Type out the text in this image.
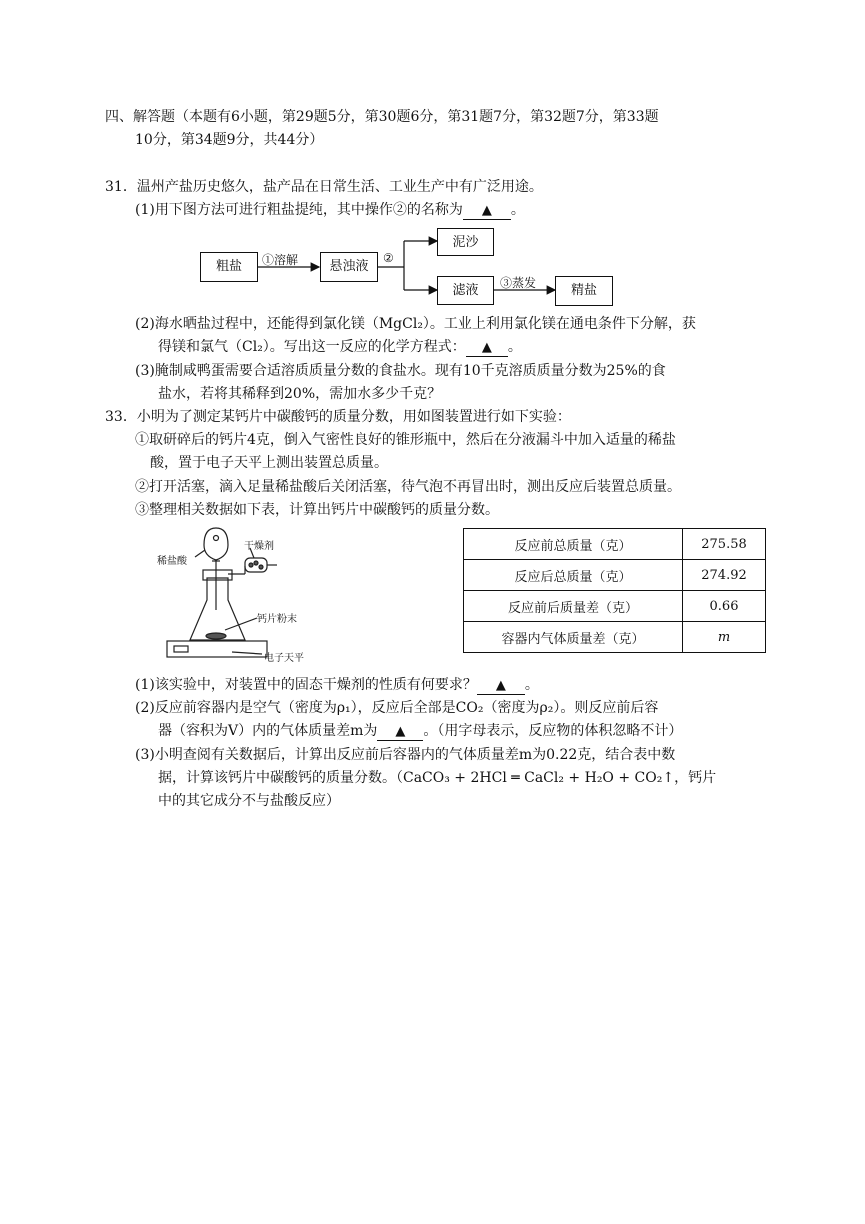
四、解答题（本题有6小题，第29题5分，第30题6分，第31题7分，第32题7分，第33题
10分，第34题9分，共44分）
31．温州产盐历史悠久，盐产品在日常生活、工业生产中有广泛用途。
(1)用下图方法可进行粗盐提纯，其中操作②的名称为 ▲ 。
粗盐	①溶解	悬浊液
②
泥沙
滤液	③蒸发	精盐
(2)海水晒盐过程中，还能得到氯化镁（MgCl₂）。工业上利用氯化镁在通电条件下分解，获
得镁和氯气（Cl₂）。写出这一反应的化学方程式： ▲ 。
(3)腌制咸鸭蛋需要合适溶质质量分数的食盐水。现有10千克溶质质量分数为25%的食
盐水，若将其稀释到20%，需加水多少千克？
33．小明为了测定某钙片中碳酸钙的质量分数，用如图装置进行如下实验：
①取研碎后的钙片4克，倒入气密性良好的锥形瓶中，然后在分液漏斗中加入适量的稀盐
酸，置于电子天平上测出装置总质量。
②打开活塞，滴入足量稀盐酸后关闭活塞，待气泡不再冒出时，测出反应后装置总质量。
③整理相关数据如下表，计算出钙片中碳酸钙的质量分数。
稀盐酸
干燥剂
钙片粉末
电子天平
反应前总质量（克）	275.58
反应后总质量（克）	274.92
反应前后质量差（克）	0.66
容器内气体质量差（克）	m
(1)该实验中，对装置中的固态干燥剂的性质有何要求？ ▲ 。
(2)反应前容器内是空气（密度为ρ₁），反应后全部是CO₂（密度为ρ₂）。则反应前后容
器（容积为V）内的气体质量差m为 ▲ 。（用字母表示，反应物的体积忽略不计）
(3)小明查阅有关数据后，计算出反应前后容器内的气体质量差m为0.22克，结合表中数
据，计算该钙片中碳酸钙的质量分数。（CaCO₃ + 2HCl ═ CaCl₂ + H₂O + CO₂↑，钙片
中的其它成分不与盐酸反应）
